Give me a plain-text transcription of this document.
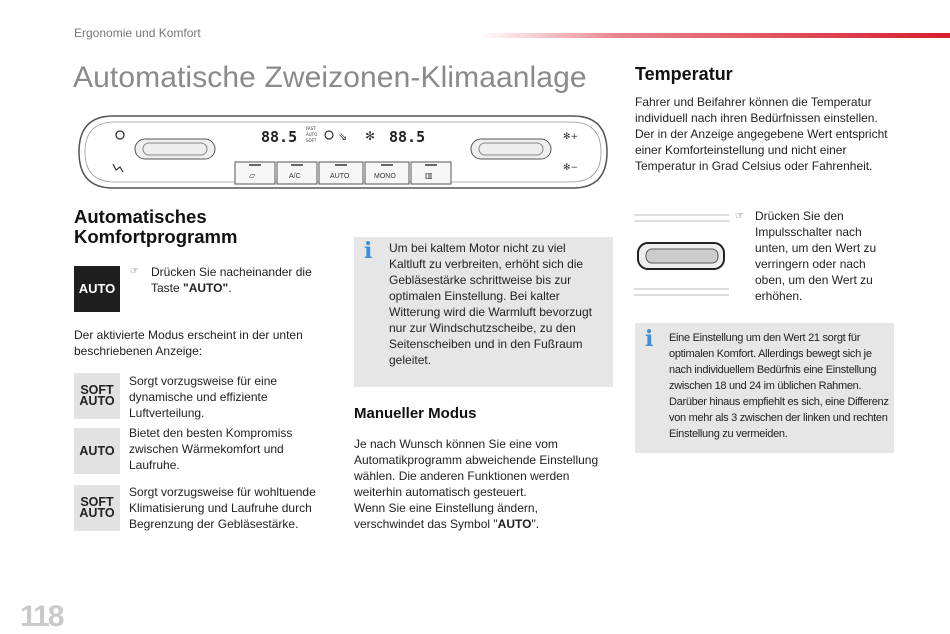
Ergonomie und Komfort
Automatische Zweizonen-Klimaanlage
✻+
✻−
88.5	88.5
FAST
AUTO
SOFT ⇘ ✻
▱	A/C	AUTO	MONO	▥
Automatisches Komfortprogramm
AUTO
☞ Drücken Sie nacheinander die Taste "AUTO".
Der aktivierte Modus erscheint in der unten beschriebenen Anzeige:
SOFT
AUTO
Sorgt vorzugsweise für eine dynamische und effiziente Luftverteilung.
AUTO
Bietet den besten Kompromiss zwischen Wärmekomfort und Laufruhe.
SOFT
AUTO
Sorgt vorzugsweise für wohltuende Klimatisierung und Laufruhe durch Begrenzung der Gebläsestärke.
i Um bei kaltem Motor nicht zu viel Kaltluft zu verbreiten, erhöht sich die Gebläsestärke schrittweise bis zur optimalen Einstellung. Bei kalter Witterung wird die Warmluft bevorzugt nur zur Windschutzscheibe, zu den Seitenscheiben und in den Fußraum geleitet.
Manueller Modus
Je nach Wunsch können Sie eine vom Automatikprogramm abweichende Einstellung wählen. Die anderen Funktionen werden weiterhin automatisch gesteuert.
Wenn Sie eine Einstellung ändern, verschwindet das Symbol "AUTO".
Temperatur
Fahrer und Beifahrer können die Temperatur individuell nach ihren Bedürfnissen einstellen. Der in der Anzeige angegebene Wert entspricht einer Komforteinstellung und nicht einer Temperatur in Grad Celsius oder Fahrenheit.
☞ Drücken Sie den Impulsschalter nach unten, um den Wert zu verringern oder nach oben, um den Wert zu erhöhen.
i Eine Einstellung um den Wert 21 sorgt für optimalen Komfort. Allerdings bewegt sich je nach individuellem Bedürfnis eine Einstellung zwischen 18 und 24 im üblichen Rahmen. Darüber hinaus empfiehlt es sich, eine Differenz von mehr als 3 zwischen der linken und rechten Einstellung zu vermeiden.
118
